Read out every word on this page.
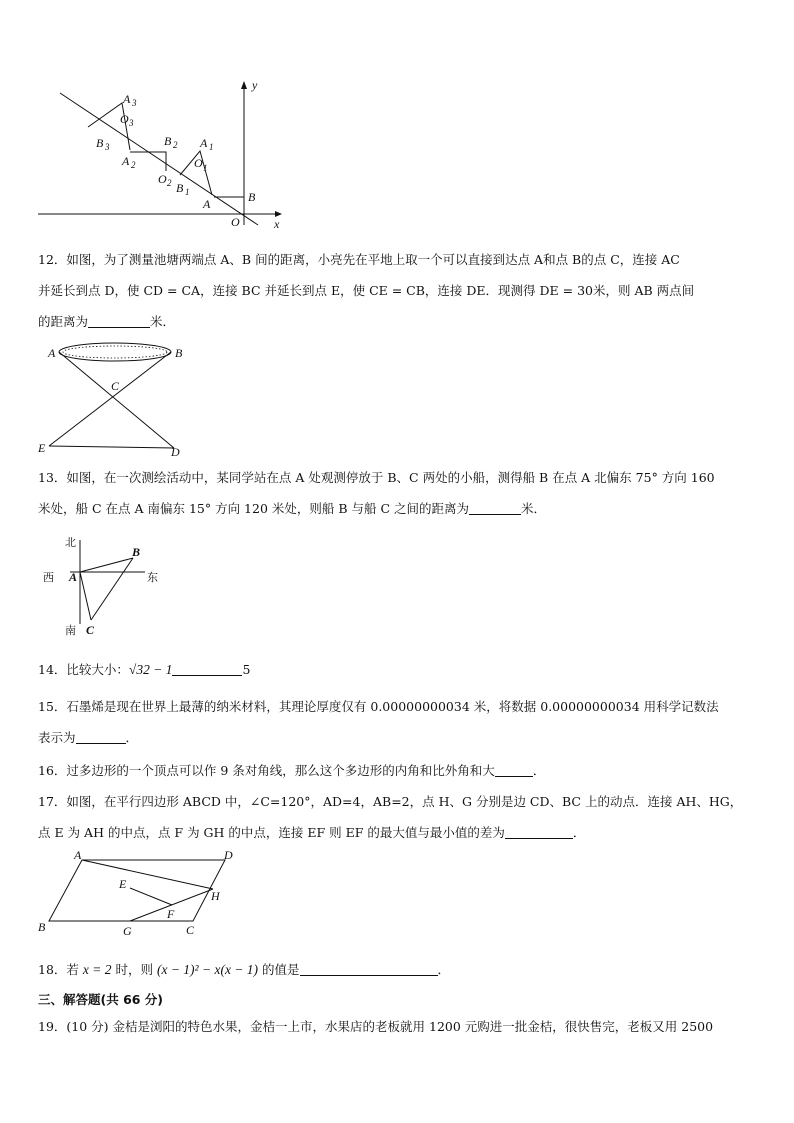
y
x
O
B
A
A 1
O 1
B 1
O 2
B 2
A 2
A 3
O 3
B 3

12．如图，为了测量池塘两端点 A、B 间的距离，小亮先在平地上取一个可以直接到达点 A和点 B的点 C，连接 AC

并延长到点 D，使 CD = CA，连接 BC 并延长到点 E，使 CE = CB，连接 DE．现测得 DE = 30米，则 AB 两点间

的距离为	米．

A	B
C
D
E

13．如图，在一次测绘活动中，某同学站在点 A 处观测停放于 B、C 两处的小船，测得船 B 在点 A 北偏东 75° 方向 160

米处，船 C 在点 A 南偏东 15° 方向 120 米处，则船 B 与船 C 之间的距离为	米．

北
西	东
南
A
B
C

14．比较大小：√32 − 1	5

15．石墨烯是现在世界上最薄的纳米材料，其理论厚度仅有 0.00000000034 米，将数据 0.00000000034 用科学记数法

表示为	．

16．过多边形的一个顶点可以作 9 条对角线，那么这个多边形的内角和比外角和大	．

17．如图，在平行四边形 ABCD 中，∠C=120°，AD=4，AB=2，点 H、G 分别是边 CD、BC 上的动点．连接 AH、HG，

点 E 为 AH 的中点，点 F 为 GH 的中点，连接 EF 则 EF 的最大值与最小值的差为	．

A	D
B	C
E
F
G
H

18．若 x = 2 时，则 (x − 1)² − x(x − 1) 的值是	．

三、解答题(共 66 分)

19．(10 分) 金桔是浏阳的特色水果，金桔一上市，水果店的老板就用 1200 元购进一批金桔，很快售完，老板又用 2500
